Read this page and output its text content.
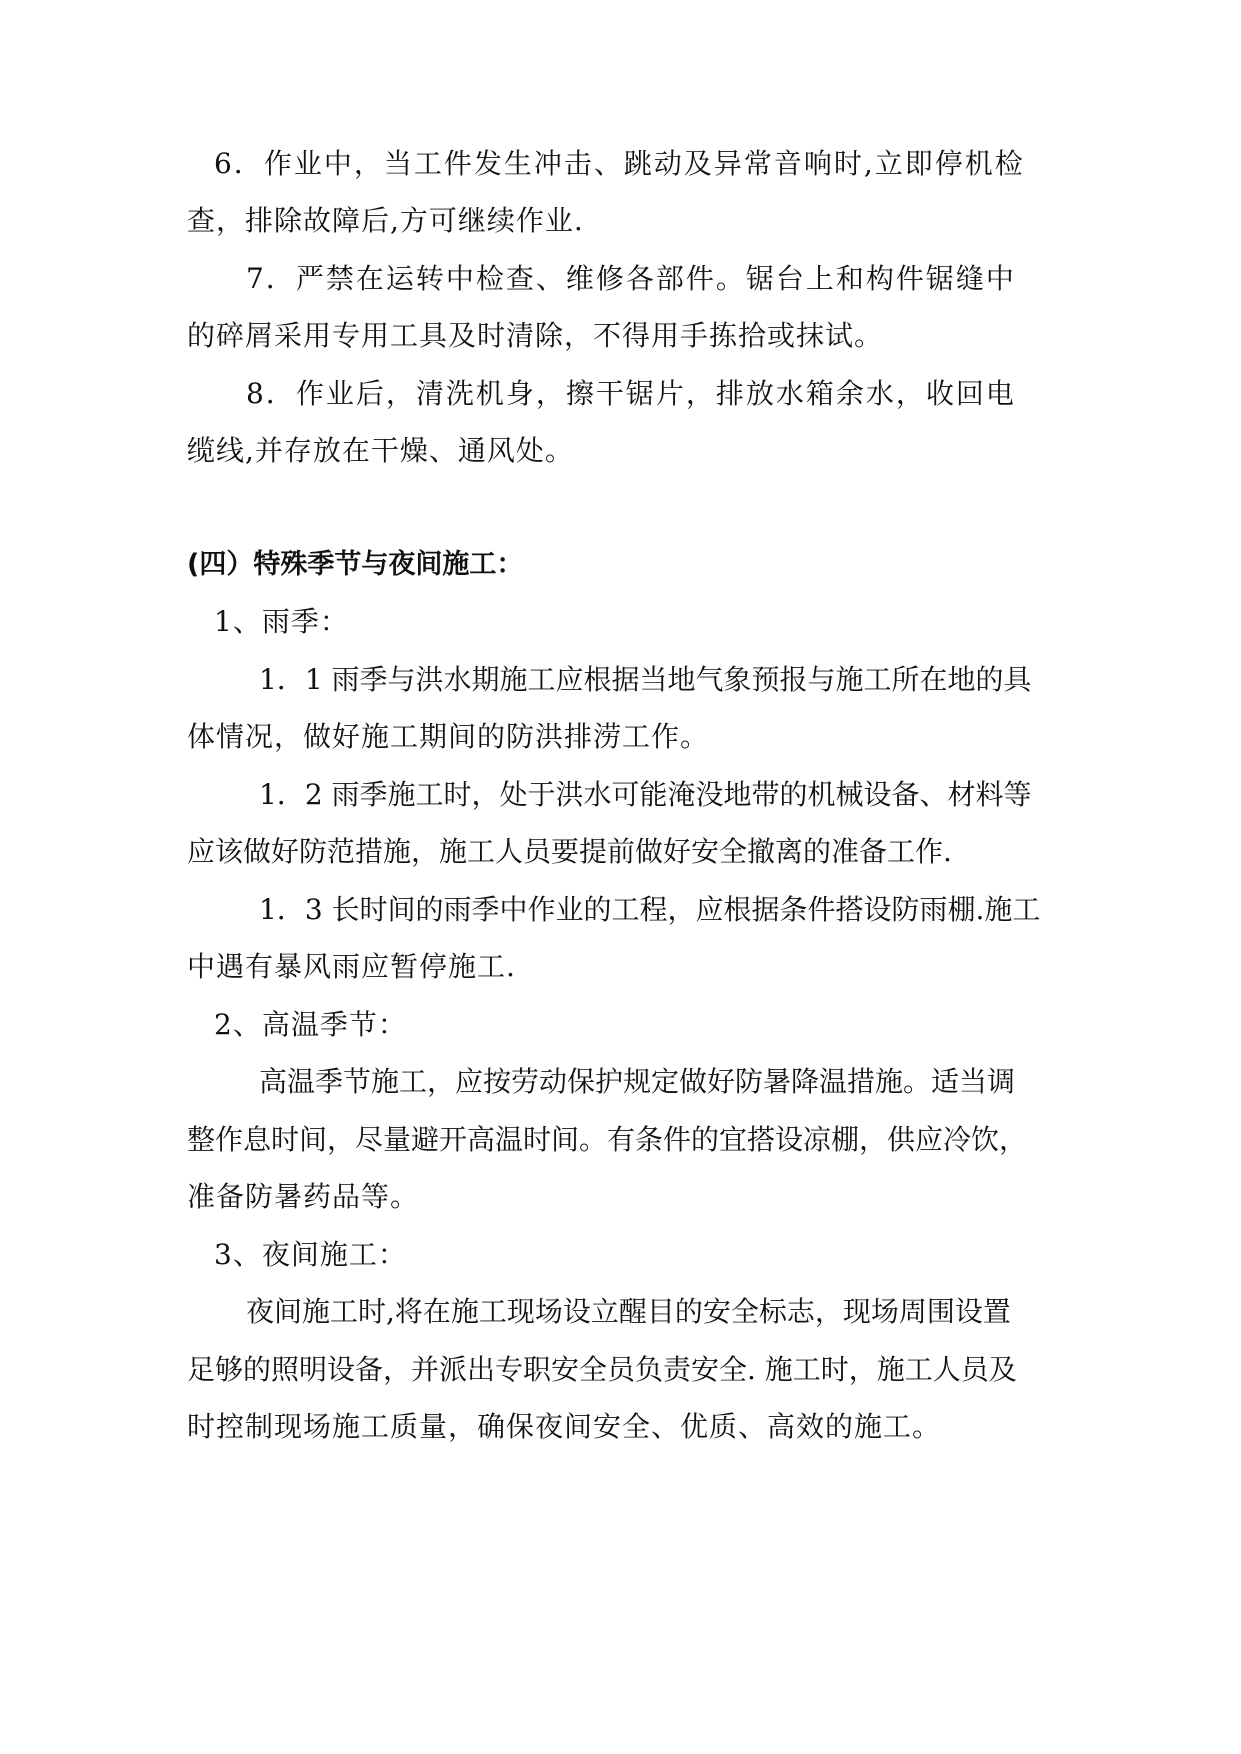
6．作业中，当工件发生冲击、跳动及异常音响时,立即停机检
查，排除故障后,方可继续作业.
7．严禁在运转中检查、维修各部件。锯台上和构件锯缝中
的碎屑采用专用工具及时清除，不得用手拣拾或抹试。
8．作业后，清洗机身，擦干锯片，排放水箱余水，收回电
缆线,并存放在干燥、通风处。
(四）特殊季节与夜间施工：
1、雨季：
1．1 雨季与洪水期施工应根据当地气象预报与施工所在地的具
体情况，做好施工期间的防洪排涝工作。
1．2 雨季施工时，处于洪水可能淹没地带的机械设备、材料等
应该做好防范措施，施工人员要提前做好安全撤离的准备工作.
1．3 长时间的雨季中作业的工程，应根据条件搭设防雨棚.施工
中遇有暴风雨应暂停施工.
2、高温季节：
高温季节施工，应按劳动保护规定做好防暑降温措施。适当调
整作息时间，尽量避开高温时间。有条件的宜搭设凉棚，供应冷饮，
准备防暑药品等。
3、夜间施工：
夜间施工时,将在施工现场设立醒目的安全标志，现场周围设置
足够的照明设备，并派出专职安全员负责安全. 施工时，施工人员及
时控制现场施工质量，确保夜间安全、优质、高效的施工。
